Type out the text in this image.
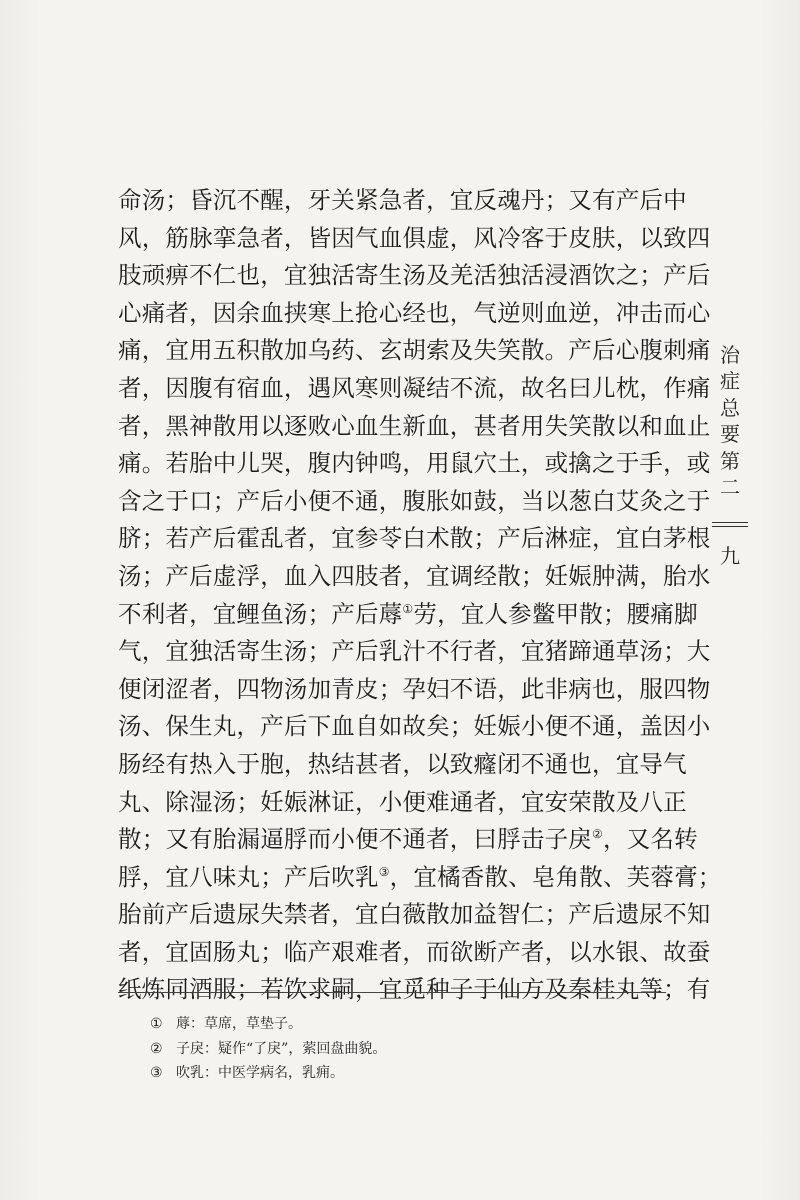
命汤；昏沉不醒，牙关紧急者，宜反魂丹；又有产后中
风，筋脉挛急者，皆因气血俱虚，风冷客于皮肤，以致四
肢顽痹不仁也，宜独活寄生汤及羌活独活浸酒饮之；产后
心痛者，因余血挟寒上抢心经也，气逆则血逆，冲击而心
痛，宜用五积散加乌药、玄胡索及失笑散。产后心腹刺痛
者，因腹有宿血，遇风寒则凝结不流，故名曰儿枕，作痛
者，黑神散用以逐败心血生新血，甚者用失笑散以和血止
痛。若胎中儿哭，腹内钟鸣，用鼠穴土，或擒之于手，或
含之于口；产后小便不通，腹胀如鼓，当以葱白艾灸之于
脐；若产后霍乱者，宜参苓白术散；产后淋症，宜白茅根
汤；产后虚浮，血入四肢者，宜调经散；妊娠肿满，胎水
不利者，宜鲤鱼汤；产后蓐①劳，宜人参鳖甲散；腰痛脚
气，宜独活寄生汤；产后乳汁不行者，宜猪蹄通草汤；大
便闭涩者，四物汤加青皮；孕妇不语，此非病也，服四物
汤、保生丸，产后下血自如故矣；妊娠小便不通，盖因小
肠经有热入于胞，热结甚者，以致癃闭不通也，宜导气
丸、除湿汤；妊娠淋证，小便难通者，宜安荣散及八正
散；又有胎漏逼脬而小便不通者，曰脬击子戾②，又名转
脬，宜八味丸；产后吹乳③，宜橘香散、皂角散、芙蓉膏；
胎前产后遗尿失禁者，宜白薇散加益智仁；产后遗尿不知
者，宜固肠丸；临产艰难者，而欲断产者，以水银、故蚕
纸炼同酒服；若饮求嗣，宜觅种子于仙方及秦桂丸等；有
治
症
总
要
第
二
九
① 蓐：草席，草垫子。
② 子戾：疑作“了戾”，萦回盘曲貌。
③ 吹乳：中医学病名，乳痈。
